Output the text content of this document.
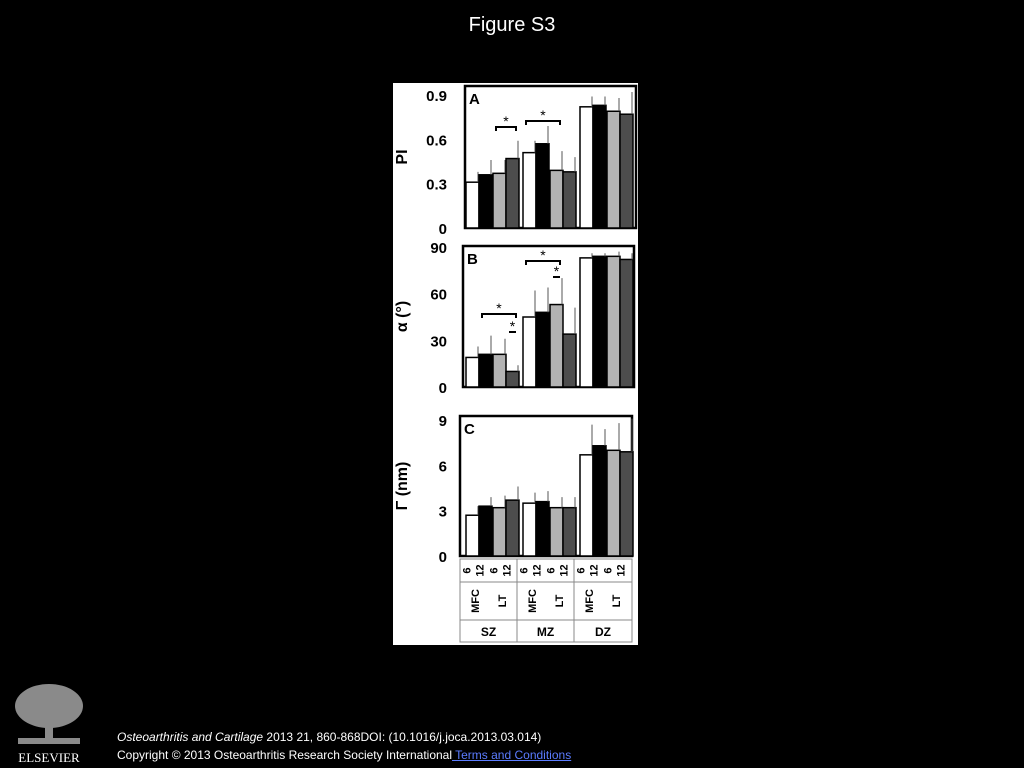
Figure S3
A
PI
0
0.3
0.6
0.9
* *
B
α (°)
0
30
60
90
*
*
*
*
C
Γ (nm)
0
3
6
9
6 12 6 12 6 12 6 12 6 12 6 12
MFC LT MFC LT MFC LT
SZ	MZ	DZ
ELSEVIER
Osteoarthritis and Cartilage 2013 21, 860-868DOI: (10.1016/j.joca.2013.03.014)
Copyright © 2013 Osteoarthritis Research Society International Terms and Conditions
